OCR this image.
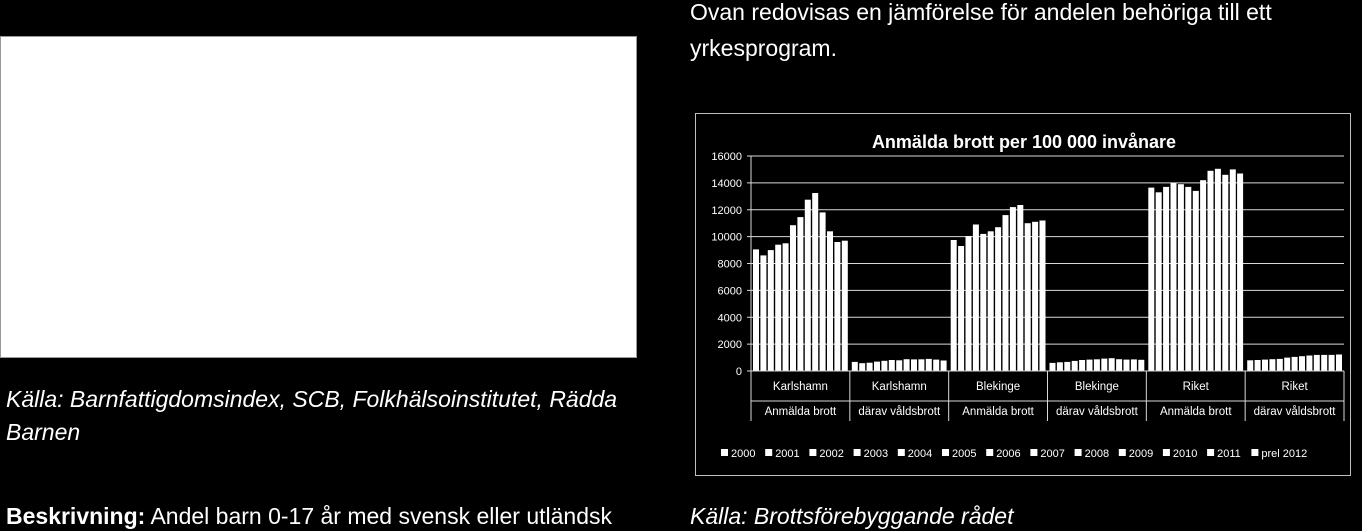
Källa: Barnfattigdomsindex, SCB, Folkhälsoinstitutet, Rädda Barnen
Beskrivning: Andel barn 0-17 år med svensk eller utländsk
Ovan redovisas en jämförelse för andelen behöriga till ett yrkesprogram.
Anmälda brott per 100 000 invånare
0
2000
4000
6000
8000
10000
12000
14000
16000
Karlshamn
Anmälda brott
Karlshamn
därav våldsbrott
Blekinge
Anmälda brott
Blekinge
därav våldsbrott
Riket
Anmälda brott
Riket
därav våldsbrott
2000 2001 2002 2003 2004 2005 2006 2007 2008 2009 2010 2011 prel 2012
Källa: Brottsförebyggande rådet
